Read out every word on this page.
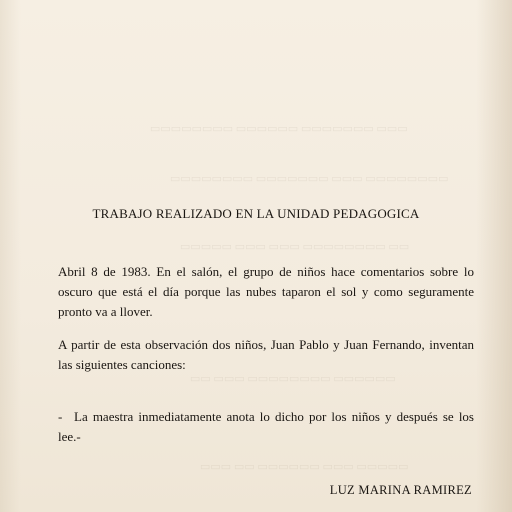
▭▭▭ ▭▭▭▭▭▭▭ ▭▭▭▭▭▭ ▭▭▭▭▭▭▭▭
▭▭▭▭▭▭▭▭ ▭▭▭ ▭▭▭▭▭▭▭ ▭▭▭▭▭▭▭▭
▭▭ ▭▭▭▭▭▭▭▭ ▭▭▭ ▭▭▭ ▭▭▭▭▭
▭▭▭▭▭▭ ▭▭▭▭▭▭▭▭ ▭▭▭ ▭▭
▭▭▭▭▭ ▭▭▭ ▭▭▭▭▭▭ ▭▭ ▭▭▭
TRABAJO REALIZADO EN LA UNIDAD PEDAGOGICA

Abril 8 de 1983. En el salón, el grupo de niños hace comentarios sobre lo oscuro que está el día porque las nubes taparon el sol y como seguramente pronto va a llover.

A partir de esta observación dos niños, Juan Pablo y Juan Fernando, inventan las siguientes canciones:

- La maestra inmediatamente anota lo dicho por los niños y después se los lee.-

LUZ MARINA RAMIREZ
